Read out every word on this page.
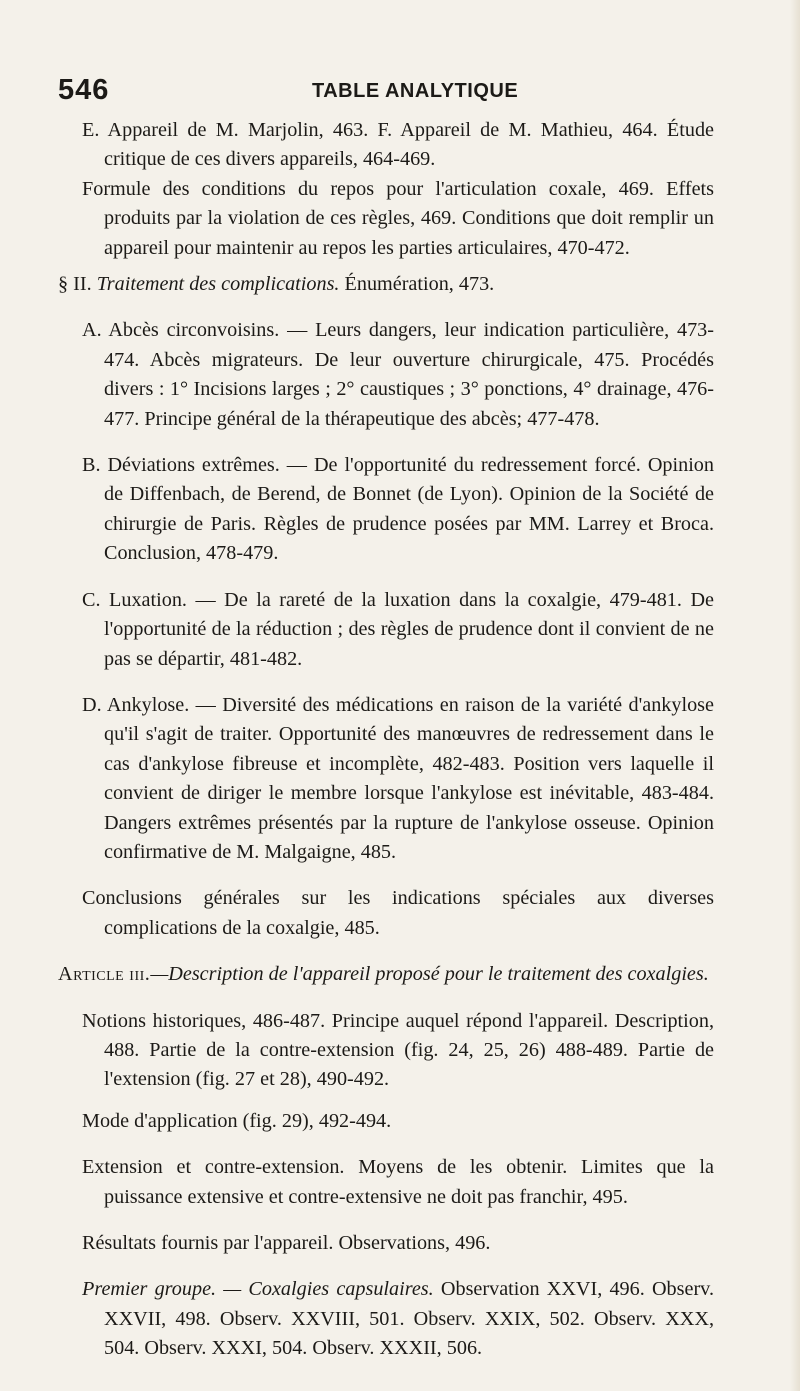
546	TABLE ANALYTIQUE

E. Appareil de M. Marjolin, 463. F. Appareil de M. Mathieu, 464. Étude critique de ces divers appareils, 464-469.

Formule des conditions du repos pour l'articulation coxale, 469. Effets produits par la violation de ces règles, 469. Conditions que doit remplir un appareil pour maintenir au repos les parties articulaires, 470-472.

§ II. Traitement des complications. Énumération, 473.

A. Abcès circonvoisins. — Leurs dangers, leur indication particulière, 473-474. Abcès migrateurs. De leur ouverture chirurgicale, 475. Procédés divers : 1° Incisions larges ; 2° caustiques ; 3° ponctions, 4° drainage, 476-477. Principe général de la thérapeutique des abcès; 477-478.

B. Déviations extrêmes. — De l'opportunité du redressement forcé. Opinion de Diffenbach, de Berend, de Bonnet (de Lyon). Opinion de la Société de chirurgie de Paris. Règles de prudence posées par MM. Larrey et Broca. Conclusion, 478-479.

C. Luxation. — De la rareté de la luxation dans la coxalgie, 479-481. De l'opportunité de la réduction ; des règles de prudence dont il convient de ne pas se départir, 481-482.

D. Ankylose. — Diversité des médications en raison de la variété d'ankylose qu'il s'agit de traiter. Opportunité des manœuvres de redressement dans le cas d'ankylose fibreuse et incomplète, 482-483. Position vers laquelle il convient de diriger le membre lorsque l'ankylose est inévitable, 483-484. Dangers extrêmes présentés par la rupture de l'ankylose osseuse. Opinion confirmative de M. Malgaigne, 485.

Conclusions générales sur les indications spéciales aux diverses complications de la coxalgie, 485.

Article iii.—Description de l'appareil proposé pour le traitement des coxalgies.

Notions historiques, 486-487. Principe auquel répond l'appareil. Description, 488. Partie de la contre-extension (fig. 24, 25, 26) 488-489. Partie de l'extension (fig. 27 et 28), 490-492.

Mode d'application (fig. 29), 492-494.

Extension et contre-extension. Moyens de les obtenir. Limites que la puissance extensive et contre-extensive ne doit pas franchir, 495.

Résultats fournis par l'appareil. Observations, 496.

Premier groupe. — Coxalgies capsulaires. Observation XXVI, 496. Observ. XXVII, 498. Observ. XXVIII, 501. Observ. XXIX, 502. Observ. XXX, 504. Observ. XXXI, 504. Observ. XXXII, 506.
